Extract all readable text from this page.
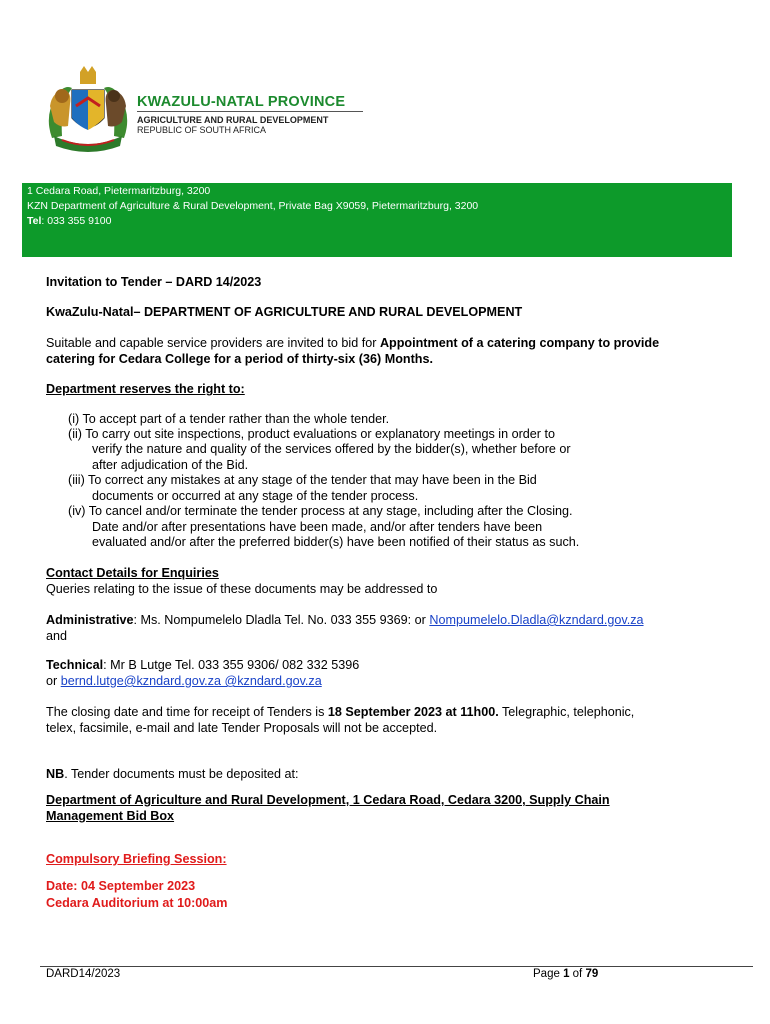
KWAZULU-NATAL PROVINCE
AGRICULTURE AND RURAL DEVELOPMENT
REPUBLIC OF SOUTH AFRICA
1 Cedara Road, Pietermaritzburg, 3200
KZN Department of Agriculture & Rural Development, Private Bag X9059, Pietermaritzburg, 3200
Tel: 033 355 9100
Invitation to Tender – DARD 14/2023
KwaZulu-Natal– DEPARTMENT OF AGRICULTURE AND RURAL DEVELOPMENT
Suitable and capable service providers are invited to bid for Appointment of a catering company to provide
catering for Cedara College for a period of thirty-six (36) Months.
Department reserves the right to:
(i) To accept part of a tender rather than the whole tender.
(ii) To carry out site inspections, product evaluations or explanatory meetings in order to
verify the nature and quality of the services offered by the bidder(s), whether before or
after adjudication of the Bid.
(iii) To correct any mistakes at any stage of the tender that may have been in the Bid
documents or occurred at any stage of the tender process.
(iv) To cancel and/or terminate the tender process at any stage, including after the Closing.
Date and/or after presentations have been made, and/or after tenders have been
evaluated and/or after the preferred bidder(s) have been notified of their status as such.
Contact Details for Enquiries
Queries relating to the issue of these documents may be addressed to
Administrative: Ms. Nompumelelo Dladla Tel. No. 033 355 9369: or Nompumelelo.Dladla@kzndard.gov.za
and
Technical: Mr B Lutge Tel. 033 355 9306/ 082 332 5396
or bernd.lutge@kzndard.gov.za @kzndard.gov.za
The closing date and time for receipt of Tenders is 18 September 2023 at 11h00. Telegraphic, telephonic,
telex, facsimile, e-mail and late Tender Proposals will not be accepted.
NB. Tender documents must be deposited at:
Department of Agriculture and Rural Development, 1 Cedara Road, Cedara 3200, Supply Chain
Management Bid Box
Compulsory Briefing Session:
Date: 04 September 2023
Cedara Auditorium at 10:00am
DARD14/2023	Page 1 of 79
